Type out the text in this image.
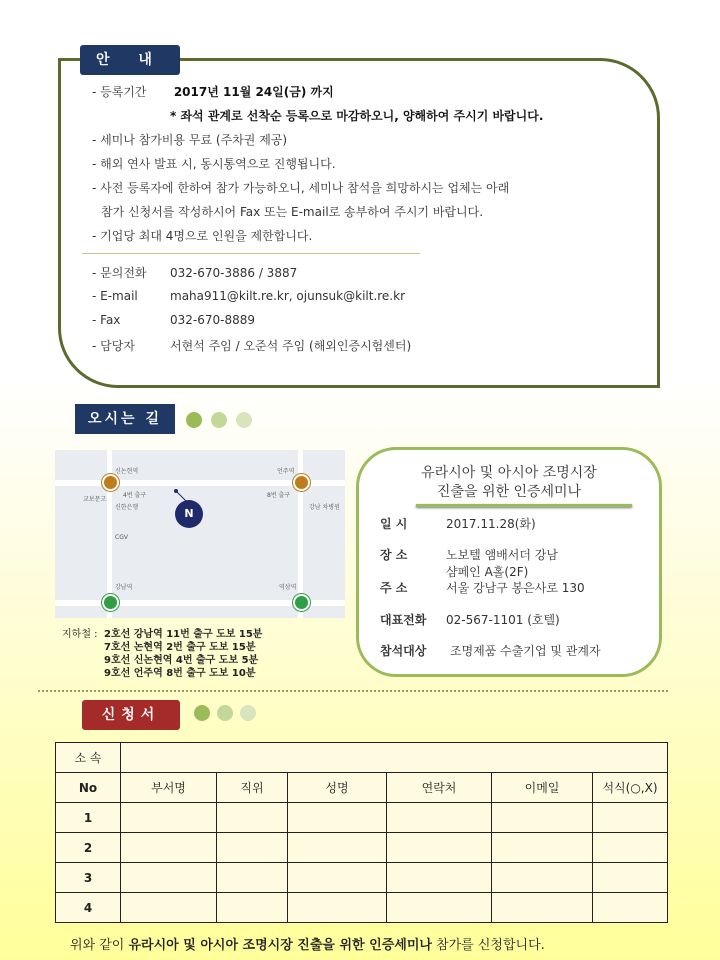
안 내
- 등록기간 2017년 11월 24일(금) 까지
* 좌석 관계로 선착순 등록으로 마감하오니, 양해하여 주시기 바랍니다.
- 세미나 참가비용 무료 (주차권 제공)
- 해외 연사 발표 시, 동시통역으로 진행됩니다.
- 사전 등록자에 한하여 참가 가능하오니, 세미나 참석을 희망하시는 업체는 아래
참가 신청서를 작성하시어 Fax 또는 E-mail로 송부하여 주시기 바랍니다.
- 기업당 최대 4명으로 인원을 제한합니다.
- 문의전화 032-670-3886 / 3887
- E-mail	maha911@kilt.re.kr, ojunsuk@kilt.re.kr
- Fax	032-670-8889
- 담당자	서현석 주임 / 오준석 주임 (해외인증시험센터)
오시는 길
신논현역	언주역
4번 출구	8번 출구
교보문고
신한은행
CGV
강남 차병원
강남역	역삼역
N
지하철 : 2호선 강남역 11번 출구 도보 15분
7호선 논현역 2번 출구 도보 15분
9호선 신논현역 4번 출구 도보 5분
9호선 언주역 8번 출구 도보 10분
유라시아 및 아시아 조명시장
진출을 위한 인증세미나
일 시	2017.11.28(화)
장 소	노보텔 앰배서더 강남
샴페인 A홀(2F)
주 소	서울 강남구 봉은사로 130
대표전화 02-567-1101 (호텔)
참석대상 조명제품 수출기업 및 관계자
신청서
소 속						
No	부서명	직위	성명	연락처	이메일	석식(○,X)
1						
2						
3						
4						
위와 같이 유라시아 및 아시아 조명시장 진출을 위한 인증세미나 참가를 신청합니다.
